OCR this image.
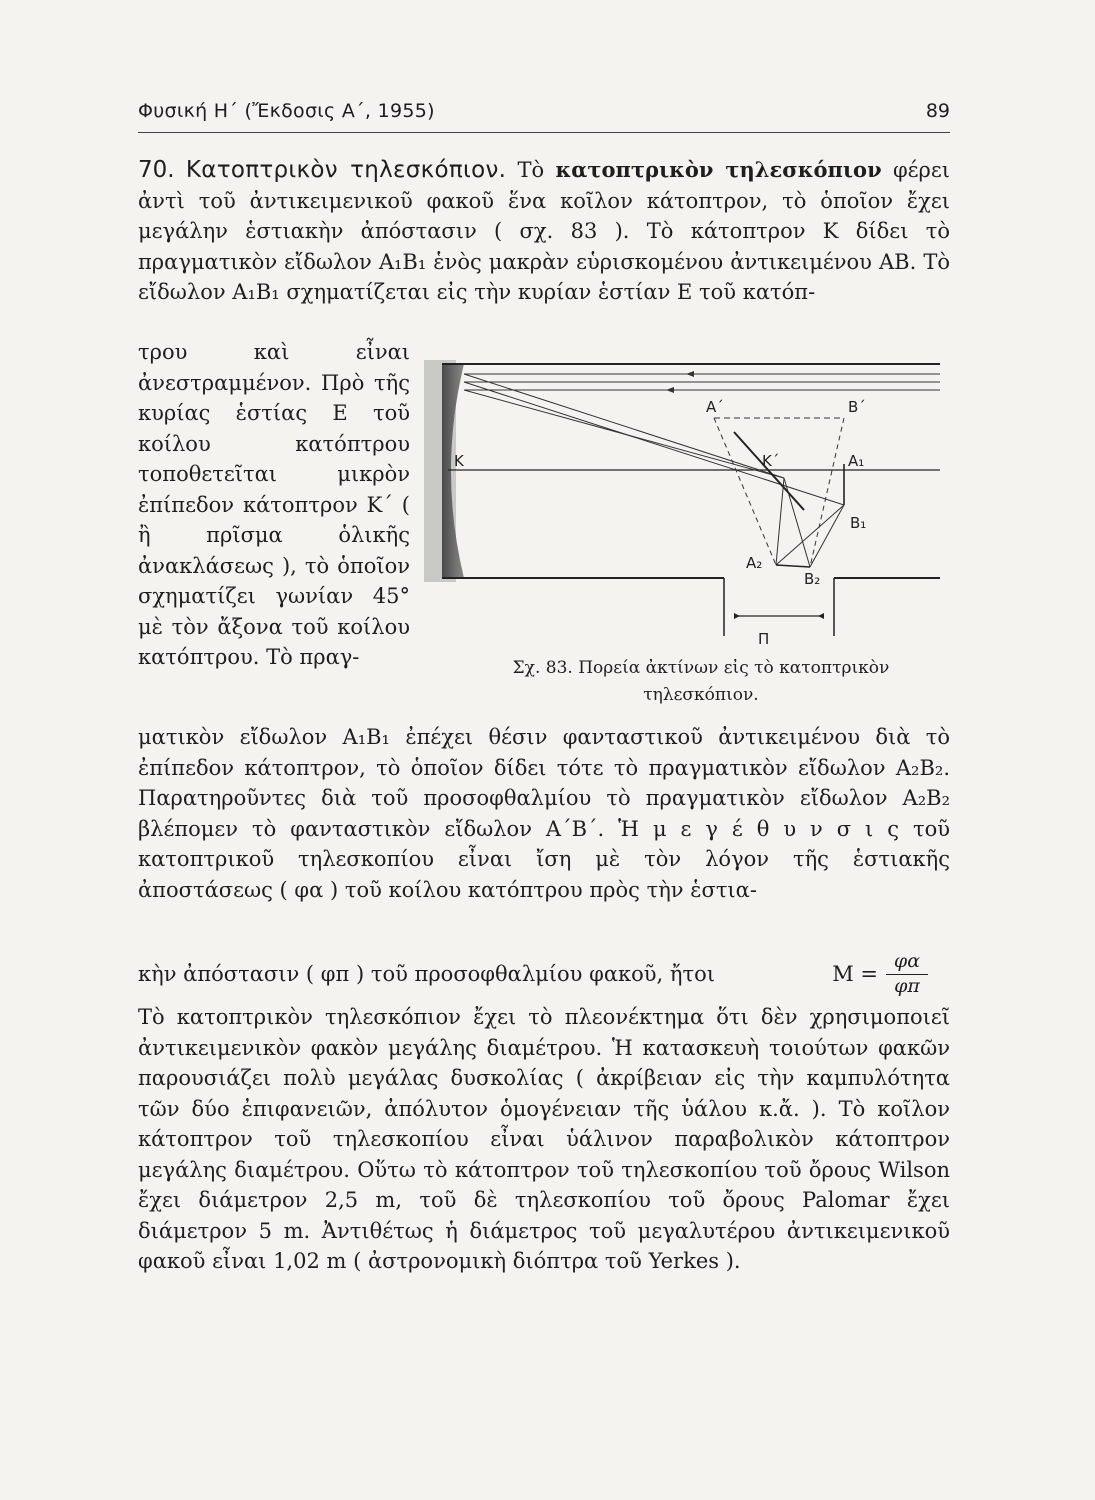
Φυσική Η΄ (Ἔκδοσις Α΄, 1955)	89

70. Κατοπτρικὸν τηλεσκόπιον. Τὸ κατοπτρικὸν τηλεσκόπιον φέρει ἀντὶ τοῦ ἀντικειμενικοῦ φακοῦ ἕνα κοῖλον κάτοπτρον, τὸ ὁποῖον ἔχει μεγάλην ἑστιακὴν ἀπόστασιν ( σχ. 83 ). Τὸ κάτοπτρον Κ δίδει τὸ πραγματικὸν εἴδωλον Α₁Β₁ ἑνὸς μακρὰν εὑρισκομένου ἀντικειμένου ΑΒ. Τὸ εἴδωλον Α₁Β₁ σχηματίζεται εἰς τὴν κυρίαν ἑστίαν Ε τοῦ κατόπ-

τρου καὶ εἶναι ἀνεστραμμένον. Πρὸ τῆς κυρίας ἑστίας Ε τοῦ κοίλου κατόπτρου τοποθετεῖται μικρὸν ἐπίπεδον κάτοπτρον Κ΄ ( ἢ πρῖσμα ὁλικῆς ἀνακλάσεως ), τὸ ὁποῖον σχηματίζει γωνίαν 45° μὲ τὸν ἄξονα τοῦ κοίλου κατόπτρου. Τὸ πραγ-

K
A΄	B΄
K΄	A₁
B₁
A₂
B₂
Π
Σχ. 83. Πορεία ἀκτίνων εἰς τὸ κατοπτρικὸν
τηλεσκόπιον.

ματικὸν εἴδωλον Α₁Β₁ ἐπέχει θέσιν φανταστικοῦ ἀντικειμένου διὰ τὸ ἐπίπεδον κάτοπτρον, τὸ ὁποῖον δίδει τότε τὸ πραγματικὸν εἴδωλον Α₂Β₂. Παρατηροῦντες διὰ τοῦ προσοφθαλμίου τὸ πραγματικὸν εἴδωλον Α₂Β₂ βλέπομεν τὸ φανταστικὸν εἴδωλον Α΄Β΄. Ἡ μ ε γ έ θ υ ν σ ι ς τοῦ κατοπτρικοῦ τηλεσκοπίου εἶναι ἴση μὲ τὸν λόγον τῆς ἑστιακῆς ἀποστάσεως ( φα ) τοῦ κοίλου κατόπτρου πρὸς τὴν ἑστια-

κὴν ἀπόστασιν ( φπ ) τοῦ προσοφθαλμίου φακοῦ, ἤτοι	Μ =
φα
φπ

Τὸ κατοπτρικὸν τηλεσκόπιον ἔχει τὸ πλεονέκτημα ὅτι δὲν χρησιμοποιεῖ ἀντικειμενικὸν φακὸν μεγάλης διαμέτρου. Ἡ κατασκευὴ τοιούτων φακῶν παρουσιάζει πολὺ μεγάλας δυσκολίας ( ἀκρίβειαν εἰς τὴν καμπυλότητα τῶν δύο ἐπιφανειῶν, ἀπόλυτον ὁμογένειαν τῆς ὑάλου κ.ἄ. ). Τὸ κοῖλον κάτοπτρον τοῦ τηλεσκοπίου εἶναι ὑάλινον παραβολικὸν κάτοπτρον μεγάλης διαμέτρου. Οὕτω τὸ κάτοπτρον τοῦ τηλεσκοπίου τοῦ ὄρους Wilson ἔχει διάμετρον 2,5 m, τοῦ δὲ τηλεσκοπίου τοῦ ὄρους Palomar ἔχει διάμετρον 5 m. Ἀντιθέτως ἡ διάμετρος τοῦ μεγαλυτέρου ἀντικειμενικοῦ φακοῦ εἶναι 1,02 m ( ἀστρονομικὴ διόπτρα τοῦ Yerkes ).
